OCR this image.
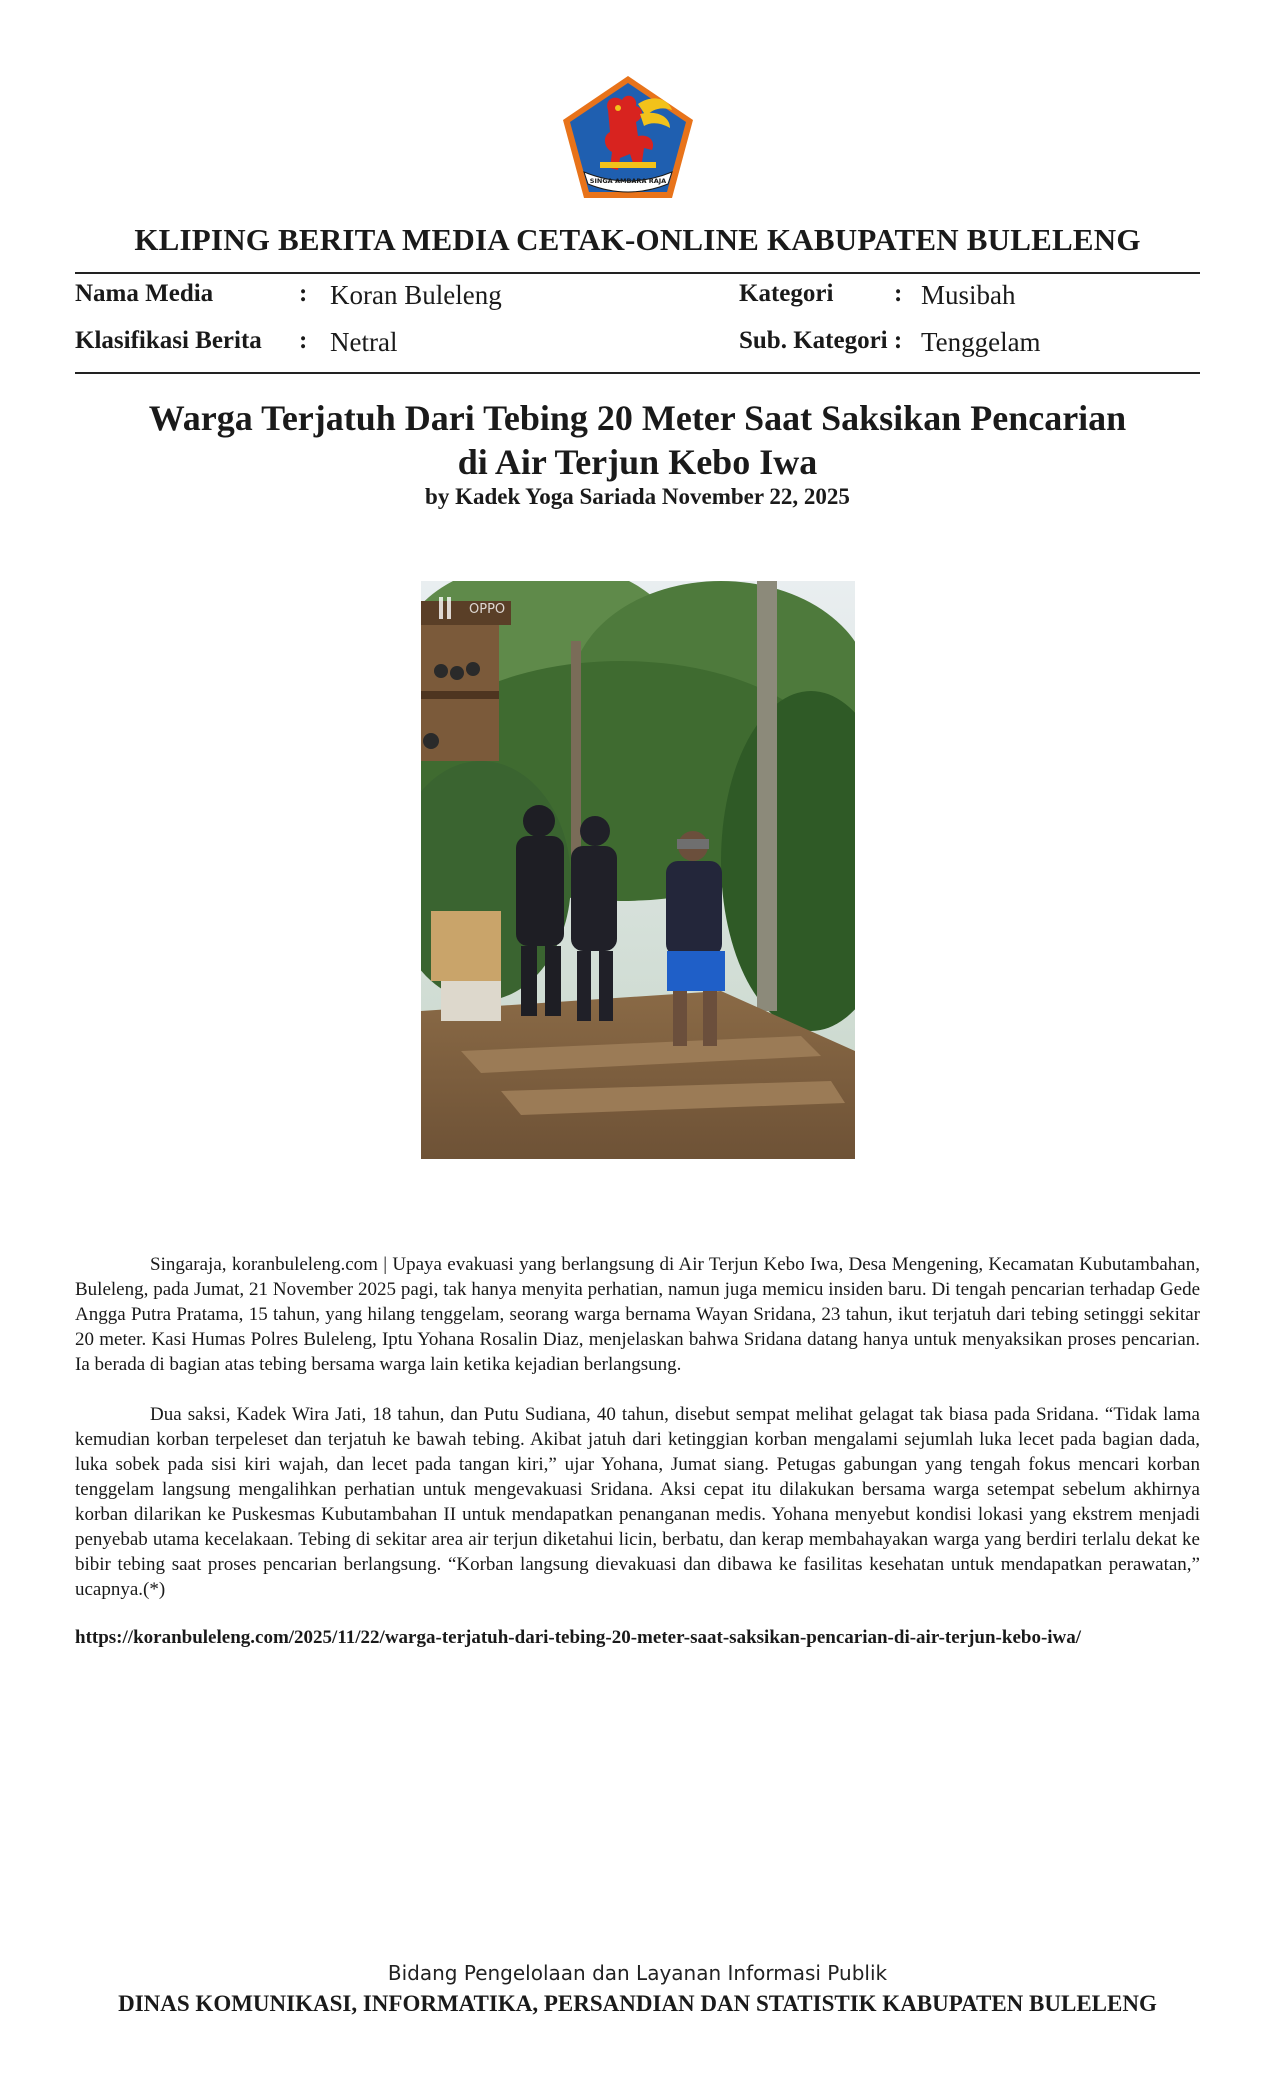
SINGA AMBARA RAJA
KLIPING BERITA MEDIA CETAK-ONLINE KABUPATEN BULELENG
Nama Media	: Koran Buleleng
Klasifikasi Berita : Netral
Kategori : Musibah
Sub. Kategori : Tenggelam
Warga Terjatuh Dari Tebing 20 Meter Saat Saksikan Pencarian
di Air Terjun Kebo Iwa
by Kadek Yoga Sariada November 22, 2025
OPPO
Singaraja, koranbuleleng.com | Upaya evakuasi yang berlangsung di Air Terjun Kebo Iwa, Desa Mengening, Kecamatan Kubutambahan, Buleleng, pada Jumat, 21 November 2025 pagi, tak hanya menyita perhatian, namun juga memicu insiden baru. Di tengah pencarian terhadap Gede Angga Putra Pratama, 15 tahun, yang hilang tenggelam, seorang warga bernama Wayan Sridana, 23 tahun, ikut terjatuh dari tebing setinggi sekitar 20 meter. Kasi Humas Polres Buleleng, Iptu Yohana Rosalin Diaz, menjelaskan bahwa Sridana datang hanya untuk menyaksikan proses pencarian. Ia berada di bagian atas tebing bersama warga lain ketika kejadian berlangsung.
Dua saksi, Kadek Wira Jati, 18 tahun, dan Putu Sudiana, 40 tahun, disebut sempat melihat gelagat tak biasa pada Sridana. “Tidak lama kemudian korban terpeleset dan terjatuh ke bawah tebing. Akibat jatuh dari ketinggian korban mengalami sejumlah luka lecet pada bagian dada, luka sobek pada sisi kiri wajah, dan lecet pada tangan kiri,” ujar Yohana, Jumat siang. Petugas gabungan yang tengah fokus mencari korban tenggelam langsung mengalihkan perhatian untuk mengevakuasi Sridana. Aksi cepat itu dilakukan bersama warga setempat sebelum akhirnya korban dilarikan ke Puskesmas Kubutambahan II untuk mendapatkan penanganan medis. Yohana menyebut kondisi lokasi yang ekstrem menjadi penyebab utama kecelakaan. Tebing di sekitar area air terjun diketahui licin, berbatu, dan kerap membahayakan warga yang berdiri terlalu dekat ke bibir tebing saat proses pencarian berlangsung. “Korban langsung dievakuasi dan dibawa ke fasilitas kesehatan untuk mendapatkan perawatan,” ucapnya.(*)
https://koranbuleleng.com/2025/11/22/warga-terjatuh-dari-tebing-20-meter-saat-saksikan-pencarian-di-air-terjun-kebo-iwa/
Bidang Pengelolaan dan Layanan Informasi Publik
DINAS KOMUNIKASI, INFORMATIKA, PERSANDIAN DAN STATISTIK KABUPATEN BULELENG
